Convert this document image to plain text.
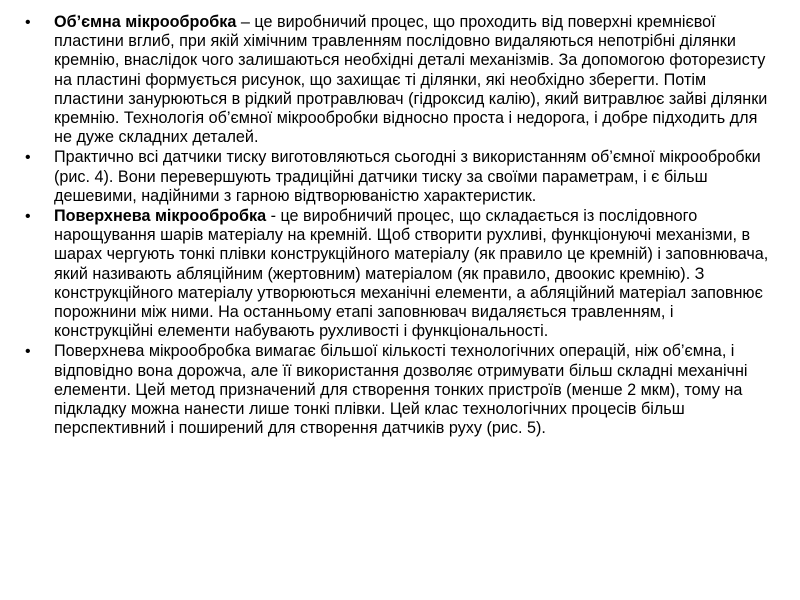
• Об’ємна мікрообробка – це виробничий процес, що проходить від поверхні кремнієвої пластини вглиб, при якій хімічним травленням послідовно видаляються непотрібні ділянки кремнію, внаслідок чого залишаються необхідні деталі механізмів. За допомогою фоторезисту на пластині формується рисунок, що захищає ті ділянки, які необхідно зберегти. Потім пластини занурюються в рідкий протравлювач (гідроксид калію), який витравлює зайві ділянки кремнію. Технологія об’ємної мікрообробки відносно проста і недорога, і добре підходить для не дуже складних деталей.
• Практично всі датчики тиску виготовляються сьогодні з використанням об’ємної мікрообробки (рис. 4). Вони перевершують традиційні датчики тиску за своїми параметрам, і є більш дешевими, надійними з гарною відтворюваністю характеристик.
• Поверхнева мікрообробка - це виробничий процес, що складається із послідовного нарощування шарів матеріалу на кремній. Щоб створити рухливі, функціонуючі механізми, в шарах чергують тонкі плівки конструкційного матеріалу (як правило це кремній) і заповнювача, який називають абляційним (жертовним) матеріалом (як правило, двоокис кремнію). З конструкційного матеріалу утворюються механічні елементи, а абляційний матеріал заповнює порожнини між ними. На останньому етапі заповнювач видаляється травленням, і конструкційні елементи набувають рухливості і функціональності.
• Поверхнева мікрообробка вимагає більшої кількості технологічних операцій, ніж об’ємна, і відповідно вона дорожча, але її використання дозволяє отримувати більш складні механічні елементи. Цей метод призначений для створення тонких пристроїв (менше 2 мкм), тому на підкладку можна нанести лише тонкі плівки. Цей клас технологічних процесів більш перспективний і поширений для створення датчиків руху (рис. 5).
